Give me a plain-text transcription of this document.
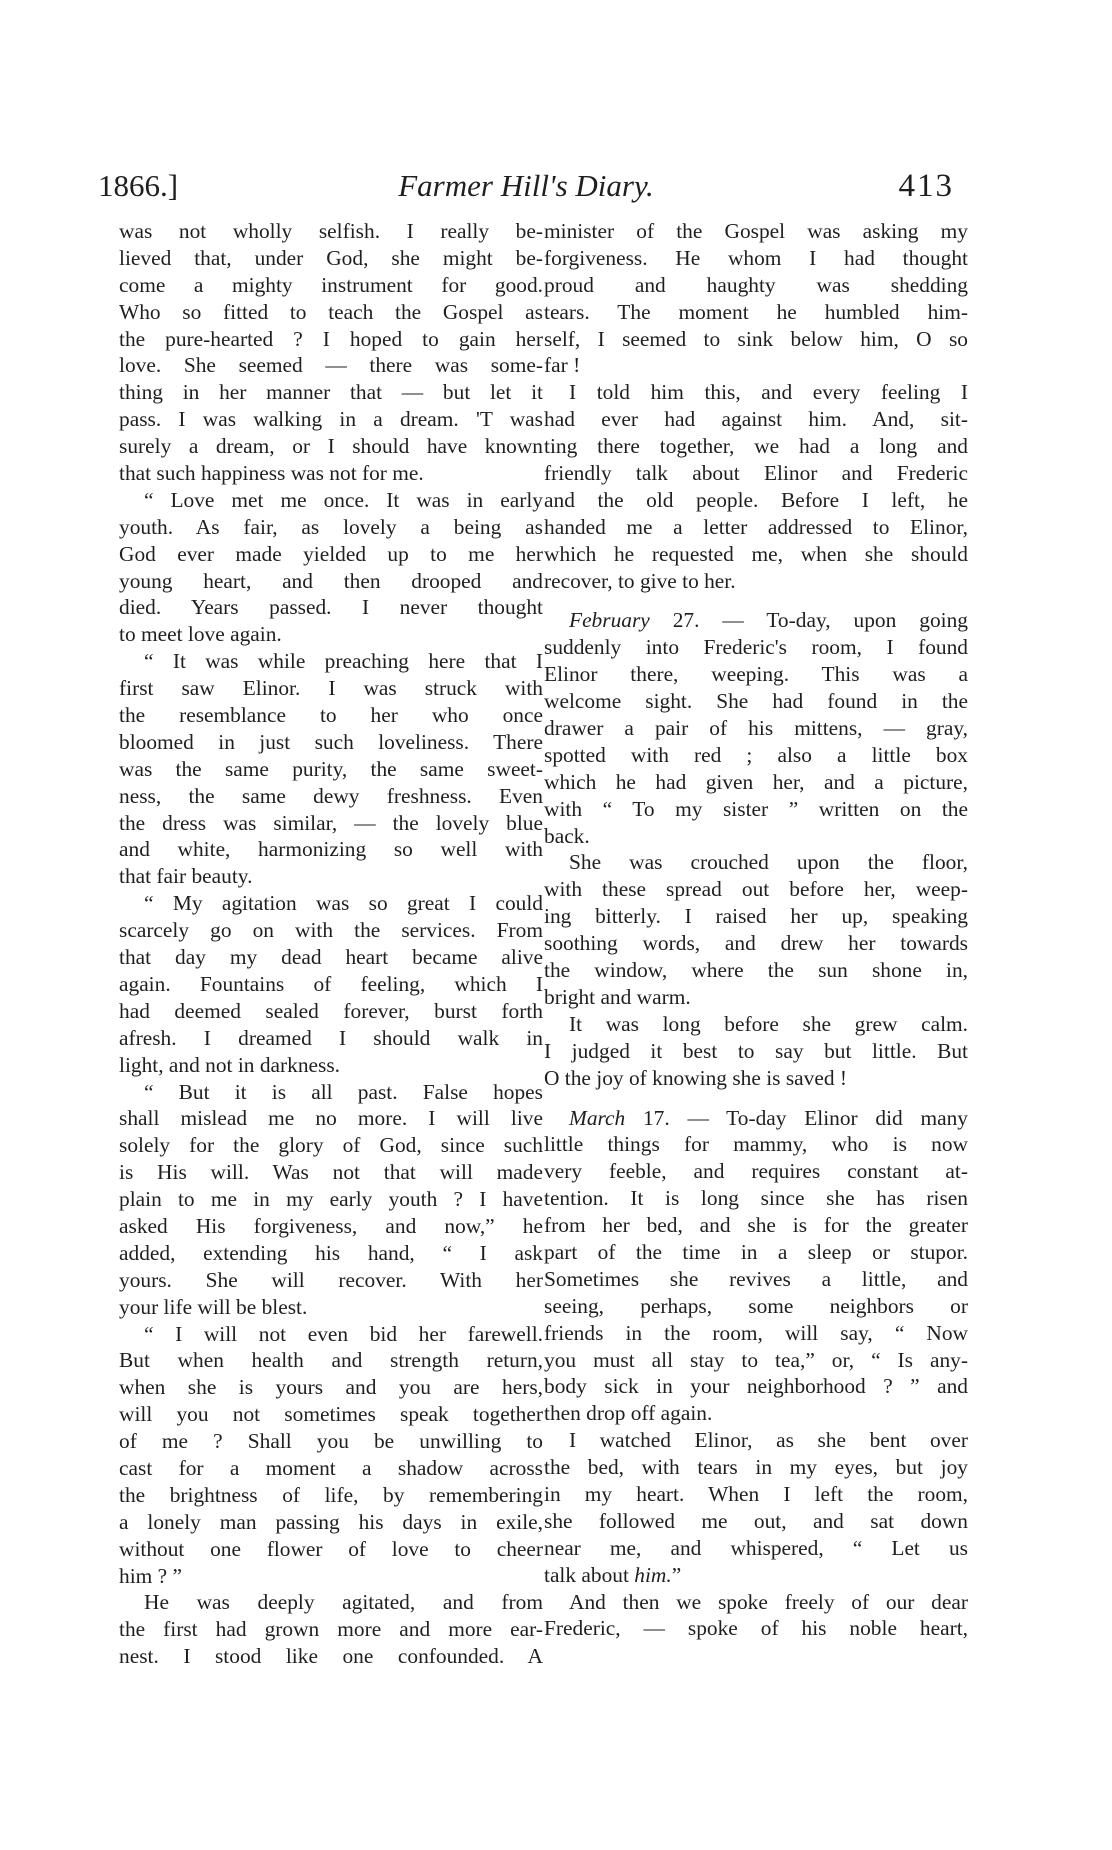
1866.]	Farmer Hill's Diary.	413
was not wholly selfish. I really be-
lieved that, under God, she might be-
come a mighty instrument for good.
Who so fitted to teach the Gospel as
the pure-hearted ? I hoped to gain her
love. She seemed — there was some-
thing in her manner that — but let it
pass. I was walking in a dream. 'T was
surely a dream, or I should have known
that such happiness was not for me.
“ Love met me once. It was in early
youth. As fair, as lovely a being as
God ever made yielded up to me her
young heart, and then drooped and
died. Years passed. I never thought
to meet love again.
“ It was while preaching here that I
first saw Elinor. I was struck with
the resemblance to her who once
bloomed in just such loveliness. There
was the same purity, the same sweet-
ness, the same dewy freshness. Even
the dress was similar, — the lovely blue
and white, harmonizing so well with
that fair beauty.
“ My agitation was so great I could
scarcely go on with the services. From
that day my dead heart became alive
again. Fountains of feeling, which I
had deemed sealed forever, burst forth
afresh. I dreamed I should walk in
light, and not in darkness.
“ But it is all past. False hopes
shall mislead me no more. I will live
solely for the glory of God, since such
is His will. Was not that will made
plain to me in my early youth ? I have
asked His forgiveness, and now,” he
added, extending his hand, “ I ask
yours. She will recover. With her
your life will be blest.
“ I will not even bid her farewell.
But when health and strength return,
when she is yours and you are hers,
will you not sometimes speak together
of me ? Shall you be unwilling to
cast for a moment a shadow across
the brightness of life, by remembering
a lonely man passing his days in exile,
without one flower of love to cheer
him ? ”
He was deeply agitated, and from
the first had grown more and more ear-
nest. I stood like one confounded. A
minister of the Gospel was asking my
forgiveness. He whom I had thought
proud and haughty was shedding
tears. The moment he humbled him-
self, I seemed to sink below him, O so
far !
I told him this, and every feeling I
had ever had against him. And, sit-
ting there together, we had a long and
friendly talk about Elinor and Frederic
and the old people. Before I left, he
handed me a letter addressed to Elinor,
which he requested me, when she should
recover, to give to her.
February 27. — To-day, upon going
suddenly into Frederic's room, I found
Elinor there, weeping. This was a
welcome sight. She had found in the
drawer a pair of his mittens, — gray,
spotted with red ; also a little box
which he had given her, and a picture,
with “ To my sister ” written on the
back.
She was crouched upon the floor,
with these spread out before her, weep-
ing bitterly. I raised her up, speaking
soothing words, and drew her towards
the window, where the sun shone in,
bright and warm.
It was long before she grew calm.
I judged it best to say but little. But
O the joy of knowing she is saved !
March 17. — To-day Elinor did many
little things for mammy, who is now
very feeble, and requires constant at-
tention. It is long since she has risen
from her bed, and she is for the greater
part of the time in a sleep or stupor.
Sometimes she revives a little, and
seeing, perhaps, some neighbors or
friends in the room, will say, “ Now
you must all stay to tea,” or, “ Is any-
body sick in your neighborhood ? ” and
then drop off again.
I watched Elinor, as she bent over
the bed, with tears in my eyes, but joy
in my heart. When I left the room,
she followed me out, and sat down
near me, and whispered, “ Let us
talk about him.”
And then we spoke freely of our dear
Frederic, — spoke of his noble heart,
